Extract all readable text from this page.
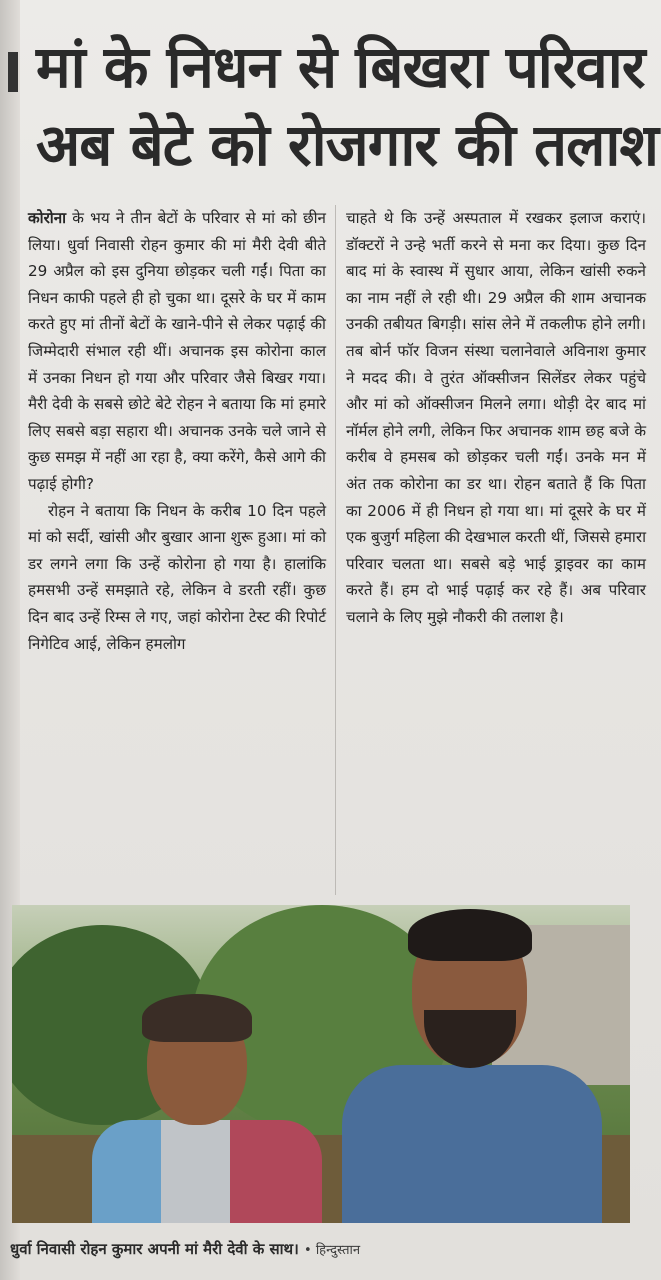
मां के निधन से बिखरा परिवार
अब बेटे को रोजगार की तलाश

कोरोना के भय ने तीन बेटों के परिवार से मां को छीन लिया। धुर्वा निवासी रोहन कुमार की मां मैरी देवी बीते 29 अप्रैल को इस दुनिया छोड़कर चली गईं। पिता का निधन काफी पहले ही हो चुका था। दूसरे के घर में काम करते हुए मां तीनों बेटों के खाने-पीने से लेकर पढ़ाई की जिम्मेदारी संभाल रही थीं। अचानक इस कोरोना काल में उनका निधन हो गया और परिवार जैसे बिखर गया। मैरी देवी के सबसे छोटे बेटे रोहन ने बताया कि मां हमारे लिए सबसे बड़ा सहारा थी। अचानक उनके चले जाने से कुछ समझ में नहीं आ रहा है, क्या करेंगे, कैसे आगे की पढ़ाई होगी?

रोहन ने बताया कि निधन के करीब 10 दिन पहले मां को सर्दी, खांसी और बुखार आना शुरू हुआ। मां को डर लगने लगा कि उन्हें कोरोना हो गया है। हालांकि हमसभी उन्हें समझाते रहे, लेकिन वे डरती रहीं। कुछ दिन बाद उन्हें रिम्स ले गए, जहां कोरोना टेस्ट की रिपोर्ट निगेटिव आई, लेकिन हमलोग

चाहते थे कि उन्हें अस्पताल में रखकर इलाज कराएं। डॉक्टरों ने उन्हे भर्ती करने से मना कर दिया। कुछ दिन बाद मां के स्वास्थ में सुधार आया, लेकिन खांसी रुकने का नाम नहीं ले रही थी। 29 अप्रैल की शाम अचानक उनकी तबीयत बिगड़ी। सांस लेने में तकलीफ होने लगी। तब बोर्न फॉर विजन संस्था चलानेवाले अविनाश कुमार ने मदद की। वे तुरंत ऑक्सीजन सिलेंडर लेकर पहुंचे और मां को ऑक्सीजन मिलने लगा। थोड़ी देर बाद मां नॉर्मल होने लगी, लेकिन फिर अचानक शाम छह बजे के करीब वे हमसब को छोड़कर चली गईं। उनके मन में अंत तक कोरोना का डर था। रोहन बताते हैं कि पिता का 2006 में ही निधन हो गया था। मां दूसरे के घर में एक बुजुर्ग महिला की देखभाल करती थीं, जिससे हमारा परिवार चलता था। सबसे बड़े भाई ड्राइवर का काम करते हैं। हम दो भाई पढ़ाई कर रहे हैं। अब परिवार चलाने के लिए मुझे नौकरी की तलाश है।

धुर्वा निवासी रोहन कुमार अपनी मां मैरी देवी के साथ। • हिन्दुस्तान
